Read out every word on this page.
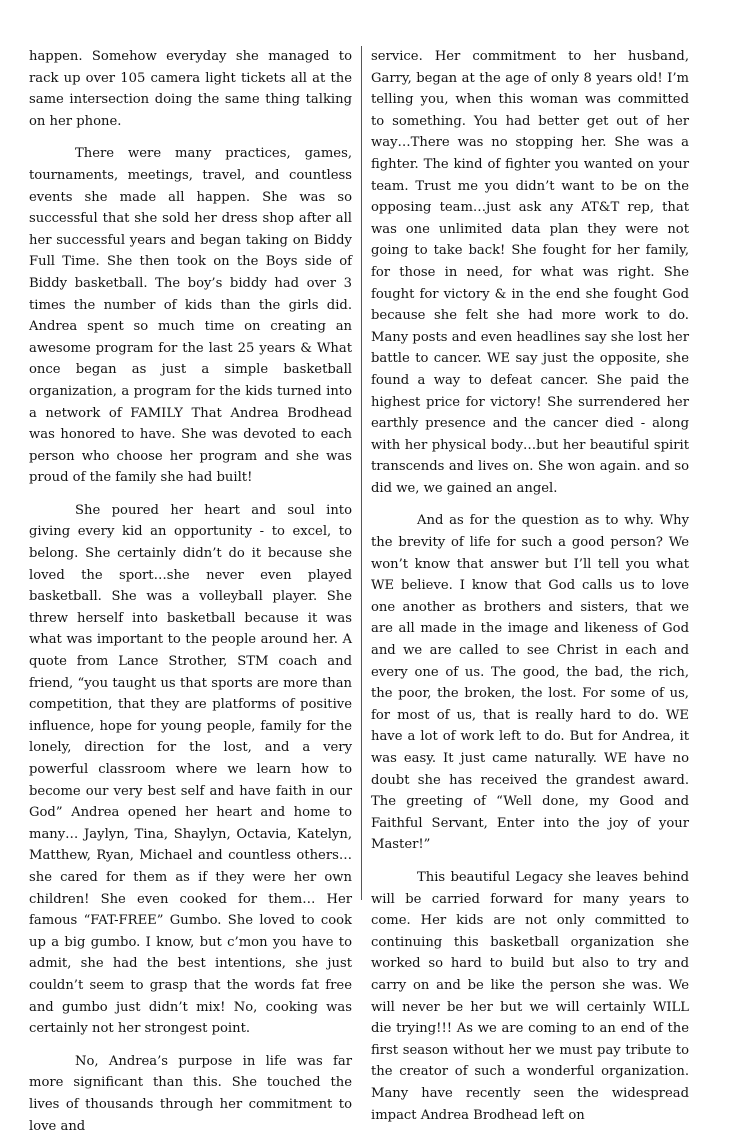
happen. Somehow everyday she managed to rack up over 105 camera light tickets all at the same intersection doing the same thing talking on her phone.

There were many practices, games, tournaments, meetings, travel, and countless events she made all happen. She was so successful that she sold her dress shop after all her successful years and began taking on Biddy Full Time. She then took on the Boys side of Biddy basketball. The boy’s biddy had over 3 times the number of kids than the girls did. Andrea spent so much time on creating an awesome program for the last 25 years & What once began as just a simple basketball organization, a program for the kids turned into a network of FAMILY That Andrea Brodhead was honored to have. She was devoted to each person who choose her program and she was proud of the family she had built!

She poured her heart and soul into giving every kid an opportunity - to excel, to belong. She certainly didn’t do it because she loved the sport…she never even played basketball. She was a volleyball player. She threw herself into basketball because it was what was important to the people around her. A quote from Lance Strother, STM coach and friend, “you taught us that sports are more than competition, that they are platforms of positive influence, hope for young people, family for the lonely, direction for the lost, and a very powerful classroom where we learn how to become our very best self and have faith in our God” Andrea opened her heart and home to many… Jaylyn, Tina, Shaylyn, Octavia, Katelyn, Matthew, Ryan, Michael and countless others…she cared for them as if they were her own children! She even cooked for them… Her famous “FAT-FREE” Gumbo. She loved to cook up a big gumbo. I know, but c’mon you have to admit, she had the best intentions, she just couldn’t seem to grasp that the words fat free and gumbo just didn’t mix! No, cooking was certainly not her strongest point.

No, Andrea’s purpose in life was far more significant than this. She touched the lives of thousands through her commitment to love and

service. Her commitment to her husband, Garry, began at the age of only 8 years old! I’m telling you, when this woman was committed to something. You had better get out of her way…There was no stopping her. She was a fighter. The kind of fighter you wanted on your team. Trust me you didn’t want to be on the opposing team…just ask any AT&T rep, that was one unlimited data plan they were not going to take back! She fought for her family, for those in need, for what was right. She fought for victory & in the end she fought God because she felt she had more work to do. Many posts and even headlines say she lost her battle to cancer. WE say just the opposite, she found a way to defeat cancer. She paid the highest price for victory! She surrendered her earthly presence and the cancer died - along with her physical body…but her beautiful spirit transcends and lives on. She won again. and so did we, we gained an angel.

And as for the question as to why. Why the brevity of life for such a good person? We won’t know that answer but I’ll tell you what WE believe. I know that God calls us to love one another as brothers and sisters, that we are all made in the image and likeness of God and we are called to see Christ in each and every one of us. The good, the bad, the rich, the poor, the broken, the lost. For some of us, for most of us, that is really hard to do. WE have a lot of work left to do. But for Andrea, it was easy. It just came naturally. WE have no doubt she has received the grandest award. The greeting of “Well done, my Good and Faithful Servant, Enter into the joy of your Master!”

This beautiful Legacy she leaves behind will be carried forward for many years to come. Her kids are not only committed to continuing this basketball organization she worked so hard to build but also to try and carry on and be like the person she was. We will never be her but we will certainly WILL die trying!!! As we are coming to an end of the first season without her we must pay tribute to the creator of such a wonderful organization. Many have recently seen the widespread impact Andrea Brodhead left on
